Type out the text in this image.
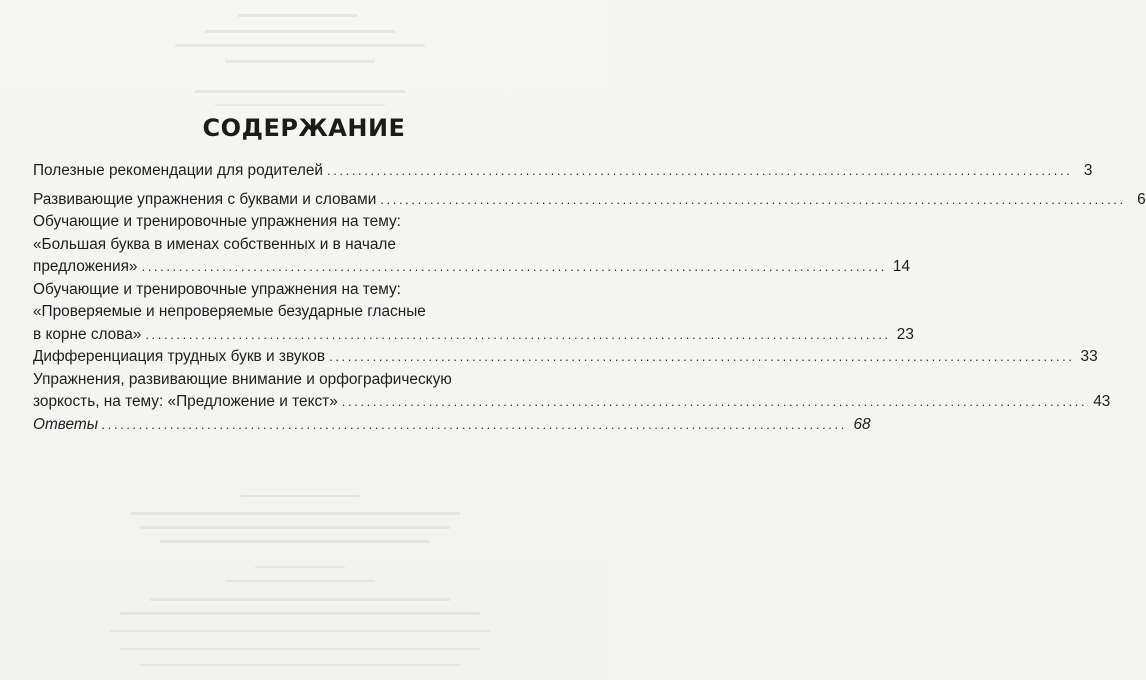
СОДЕРЖАНИЕ
Полезные рекомендации для родителей ........................................................................................................................ 3
Развивающие упражнения с буквами и словами ........................................................................................................................ 6
Обучающие и тренировочные упражнения на тему:
«Большая буква в именах собственных и в начале
предложения» ........................................................................................................................ 14
Обучающие и тренировочные упражнения на тему:
«Проверяемые и непроверяемые безударные гласные
в корне слова» ........................................................................................................................ 23
Дифференциация трудных букв и звуков ........................................................................................................................ 33
Упражнения, развивающие внимание и орфографическую
зоркость, на тему: «Предложение и текст» ........................................................................................................................ 43
Ответы ........................................................................................................................ 68
